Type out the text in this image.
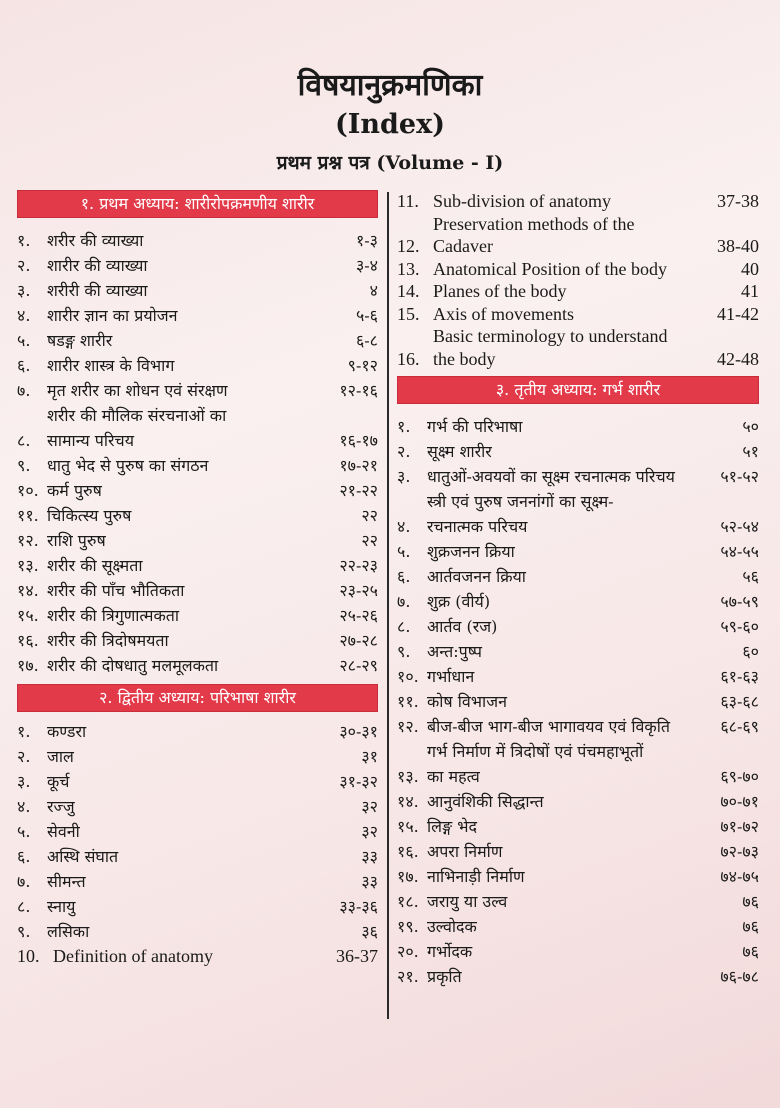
विषयानुक्रमणिका
(Index)
प्रथम प्रश्न पत्र (Volume - I)
१. प्रथम अध्याय: शारीरोपक्रमणीय शारीर
१.	शरीर की व्याख्या	१-३
२.	शारीर की व्याख्या	३-४
३.	शरीरी की व्याख्या	४
४.	शारीर ज्ञान का प्रयोजन	५-६
५.	षडङ्ग शारीर	६-८
६.	शारीर शास्त्र के विभाग	९-१२
७.	मृत शरीर का शोधन एवं संरक्षण	१२-१६
८.
शरीर की मौलिक संरचनाओं का
सामान्य परिचय	१६-१७
९.	धातु भेद से पुरुष का संगठन	१७-२१
१०. कर्म पुरुष	२१-२२
११. चिकित्स्य पुरुष	२२
१२. राशि पुरुष	२२
१३. शरीर की सूक्ष्मता	२२-२३
१४. शरीर की पाँच भौतिकता	२३-२५
१५. शरीर की त्रिगुणात्मकता	२५-२६
१६. शरीर की त्रिदोषमयता	२७-२८
१७. शरीर की दोषधातु मलमूलकता	२८-२९
२. द्वितीय अध्याय: परिभाषा शारीर
१.	कण्डरा	३०-३१
२.	जाल	३१
३.	कूर्च	३१-३२
४.	रज्जु	३२
५.	सेवनी	३२
६.	अस्थि संघात	३३
७.	सीमन्त	३३
८.	स्नायु	३३-३६
९.	लसिका	३६
10. Definition of anatomy	36-37
11. Sub-division of anatomy	37-38
12.
Preservation methods of the
Cadaver	38-40
13. Anatomical Position of the body	40
14. Planes of the body	41
15. Axis of movements	41-42
16.
Basic terminology to understand
the body	42-48
३. तृतीय अध्याय: गर्भ शारीर
१.	गर्भ की परिभाषा	५०
२.	सूक्ष्म शारीर	५१
३.	धातुओं-अवयवों का सूक्ष्म रचनात्मक परिचय	५१-५२
४.
स्त्री एवं पुरुष जननांगों का सूक्ष्म-
रचनात्मक परिचय	५२-५४
५.	शुक्रजनन क्रिया	५४-५५
६.	आर्तवजनन क्रिया	५६
७.	शुक्र (वीर्य)	५७-५९
८.	आर्तव (रज)	५९-६०
९.	अन्त:पुष्प	६०
१०. गर्भाधान	६१-६३
११. कोष विभाजन	६३-६८
१२. बीज-बीज भाग-बीज भागावयव एवं विकृति	६८-६९
१३.
गर्भ निर्माण में त्रिदोषों एवं पंचमहाभूतों
का महत्व	६९-७०
१४. आनुवंशिकी सिद्धान्त	७०-७१
१५. लिङ्ग भेद	७१-७२
१६. अपरा निर्माण	७२-७३
१७. नाभिनाड़ी निर्माण	७४-७५
१८. जरायु या उल्व	७६
१९. उल्वोदक	७६
२०. गर्भोदक	७६
२१. प्रकृति	७६-७८
